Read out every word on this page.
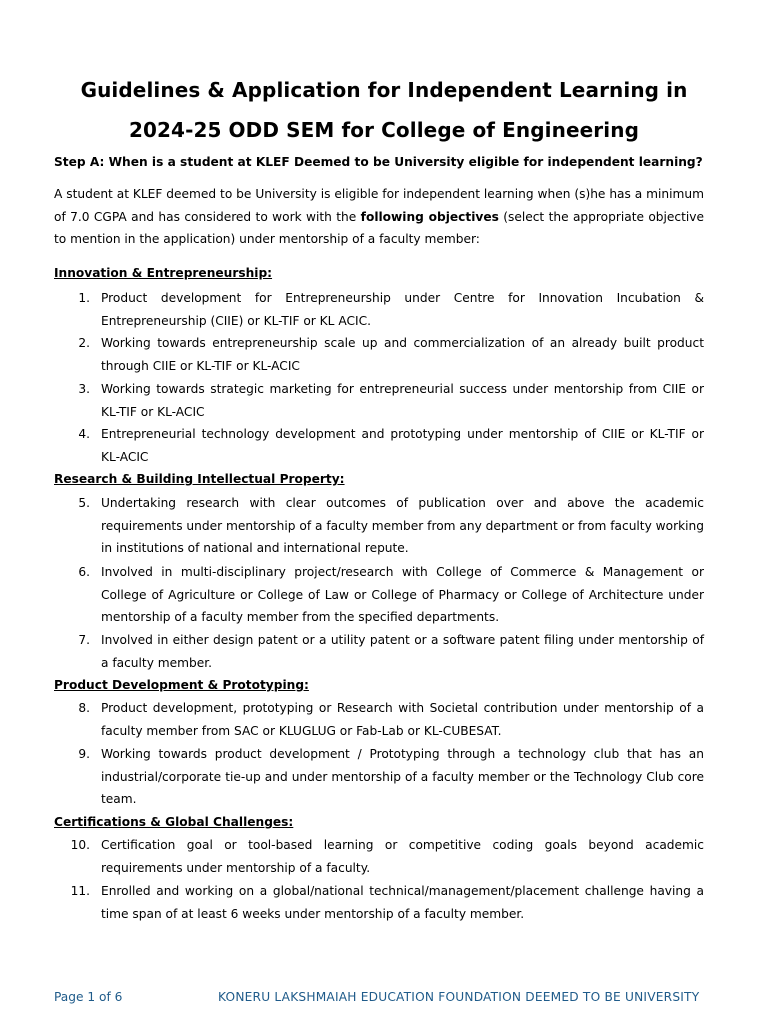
Guidelines & Application for Independent Learning in
2024-25 ODD SEM for College of Engineering
Step A: When is a student at KLEF Deemed to be University eligible for independent learning?
A student at KLEF deemed to be University is eligible for independent learning when (s)he has a minimum of 7.0 CGPA and has considered to work with the following objectives (select the appropriate objective to mention in the application) under mentorship of a faculty member:
Innovation & Entrepreneurship:
1. Product development for Entrepreneurship under Centre for Innovation Incubation & Entrepreneurship (CIIE) or KL-TIF or KL ACIC.
2. Working towards entrepreneurship scale up and commercialization of an already built product through CIIE or KL-TIF or KL-ACIC
3. Working towards strategic marketing for entrepreneurial success under mentorship from CIIE or KL-TIF or KL-ACIC
4. Entrepreneurial technology development and prototyping under mentorship of CIIE or KL-TIF or KL-ACIC
Research & Building Intellectual Property:
5. Undertaking research with clear outcomes of publication over and above the academic requirements under mentorship of a faculty member from any department or from faculty working in institutions of national and international repute.
6. Involved in multi-disciplinary project/research with College of Commerce & Management or College of Agriculture or College of Law or College of Pharmacy or College of Architecture under mentorship of a faculty member from the specified departments.
7. Involved in either design patent or a utility patent or a software patent filing under mentorship of a faculty member.
Product Development & Prototyping:
8. Product development, prototyping or Research with Societal contribution under mentorship of a faculty member from SAC or KLUGLUG or Fab-Lab or KL-CUBESAT.
9. Working towards product development / Prototyping through a technology club that has an industrial/corporate tie-up and under mentorship of a faculty member or the Technology Club core team.
Certifications & Global Challenges:
10. Certification goal or tool-based learning or competitive coding goals beyond academic requirements under mentorship of a faculty.
11. Enrolled and working on a global/national technical/management/placement challenge having a time span of at least 6 weeks under mentorship of a faculty member.
Page 1 of 6	KONERU LAKSHMAIAH EDUCATION FOUNDATION DEEMED TO BE UNIVERSITY
